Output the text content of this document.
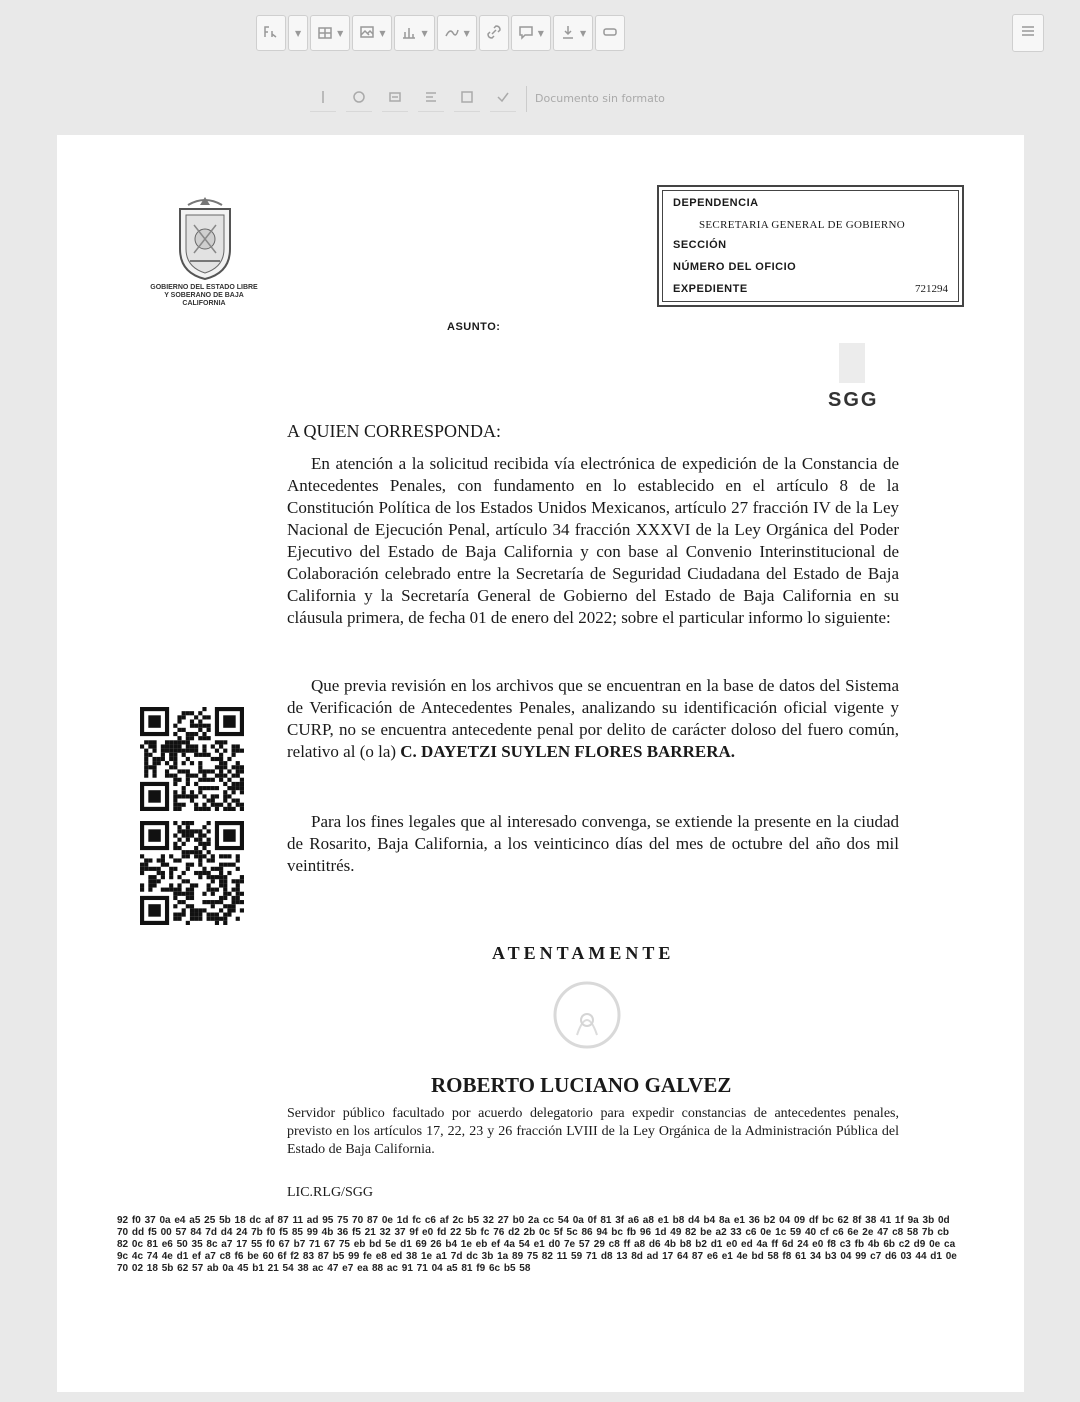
▼	▼	▼	▼	▼	▼	▼
Documento sin formato
GOBIERNO DEL ESTADO LIBRE Y SOBERANO DE BAJA CALIFORNIA
DEPENDENCIA
SECRETARIA GENERAL DE GOBIERNO
SECCIÓN
NÚMERO DEL OFICIO
EXPEDIENTE	721294
ASUNTO:
SGG
A QUIEN CORRESPONDA:
En atención a la solicitud recibida vía electrónica de expedición de la Constancia de Antecedentes Penales, con fundamento en lo establecido en el artículo 8 de la Constitución Política de los Estados Unidos Mexicanos, artículo 27 fracción IV de la Ley Nacional de Ejecución Penal, artículo 34 fracción XXXVI de la Ley Orgánica del Poder Ejecutivo del Estado de Baja California y con base al Convenio Interinstitucional de Colaboración celebrado entre la Secretaría de Seguridad Ciudadana del Estado de Baja California y la Secretaría General de Gobierno del Estado de Baja California en su cláusula primera, de fecha 01 de enero del 2022; sobre el particular informo lo siguiente:
Que previa revisión en los archivos que se encuentran en la base de datos del Sistema de Verificación de Antecedentes Penales, analizando su identificación oficial vigente y CURP, no se encuentra antecedente penal por delito de carácter doloso del fuero común, relativo al (o la) C. DAYETZI SUYLEN FLORES BARRERA.
Para los fines legales que al interesado convenga, se extiende la presente en la ciudad de Rosarito, Baja California, a los veinticinco días del mes de octubre del año dos mil veintitrés.
ATENTAMENTE
ROBERTO LUCIANO GALVEZ
Servidor público facultado por acuerdo delegatorio para expedir constancias de antecedentes penales, previsto en los artículos 17, 22, 23 y 26 fracción LVIII de la Ley Orgánica de la Administración Pública del Estado de Baja California.
LIC.RLG/SGG
92 f0 37 0a e4 a5 25 5b 18 dc af 87 11 ad 95 75 70 87 0e 1d fc c6 af 2c b5 32 27 b0 2a cc 54 0a 0f 81 3f a6 a8 e1 b8 d4 b4 8a e1 36 b2 04 09 df bc 62 8f 38 41 1f 9a 3b 0d 70 dd f5 00 57 84 7d d4 24 7b f0 f5 85 99 4b 36 f5 21 32 37 9f e0 fd 22 5b fc 76 d2 2b 0c 5f 5c 86 94 bc fb 96 1d 49 82 be a2 33 c6 0e 1c 59 40 cf c6 6e 2e 47 c8 58 7b cb 82 0c 81 e6 50 35 8c a7 17 55 f0 67 b7 71 67 75 eb bd 5e d1 69 26 b4 1e eb ef 4a 54 e1 d0 7e 57 29 c8 ff a8 d6 4b b8 b2 d1 e0 ed 4a ff 6d 24 e0 f8 c3 fb 4b 6b c2 d9 0e ca 9c 4c 74 4e d1 ef a7 c8 f6 be 60 6f f2 83 87 b5 99 fe e8 ed 38 1e a1 7d dc 3b 1a 89 75 82 11 59 71 d8 13 8d ad 17 64 87 e6 e1 4e bd 58 f8 61 34 b3 04 99 c7 d6 03 44 d1 0e 70 02 18 5b 62 57 ab 0a 45 b1 21 54 38 ac 47 e7 ea 88 ac 91 71 04 a5 81 f9 6c b5 58
